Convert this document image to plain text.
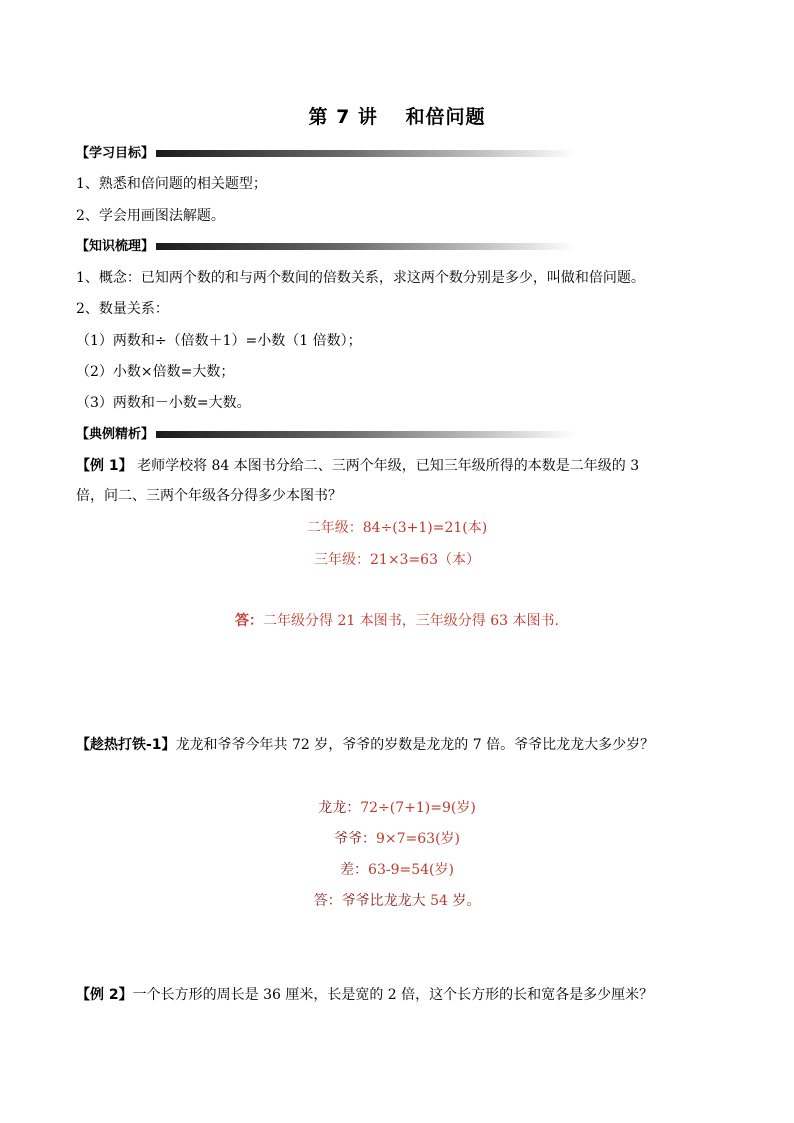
第 7 讲　 和倍问题
【学习目标】
1、熟悉和倍问题的相关题型；
2、学会用画图法解题。
【知识梳理】
1、概念：已知两个数的和与两个数间的倍数关系，求这两个数分别是多少，叫做和倍问题。
2、数量关系：
（1）两数和÷（倍数＋1）=小数（1 倍数）；
（2）小数×倍数=大数；
（3）两数和－小数=大数。
【典例精析】
【例 1】 老师学校将 84 本图书分给二、三两个年级，已知三年级所得的本数是二年级的 3
倍，问二、三两个年级各分得多少本图书？
二年级：84÷(3+1)=21(本)
三年级：21×3=63（本）
答：二年级分得 21 本图书，三年级分得 63 本图书.
【趁热打铁-1】龙龙和爷爷今年共 72 岁，爷爷的岁数是龙龙的 7 倍。爷爷比龙龙大多少岁？
龙龙：72÷(7+1)=9(岁)
爷爷：9×7=63(岁)
差：63-9=54(岁)
答：爷爷比龙龙大 54 岁。
【例 2】一个长方形的周长是 36 厘米，长是宽的 2 倍，这个长方形的长和宽各是多少厘米？
